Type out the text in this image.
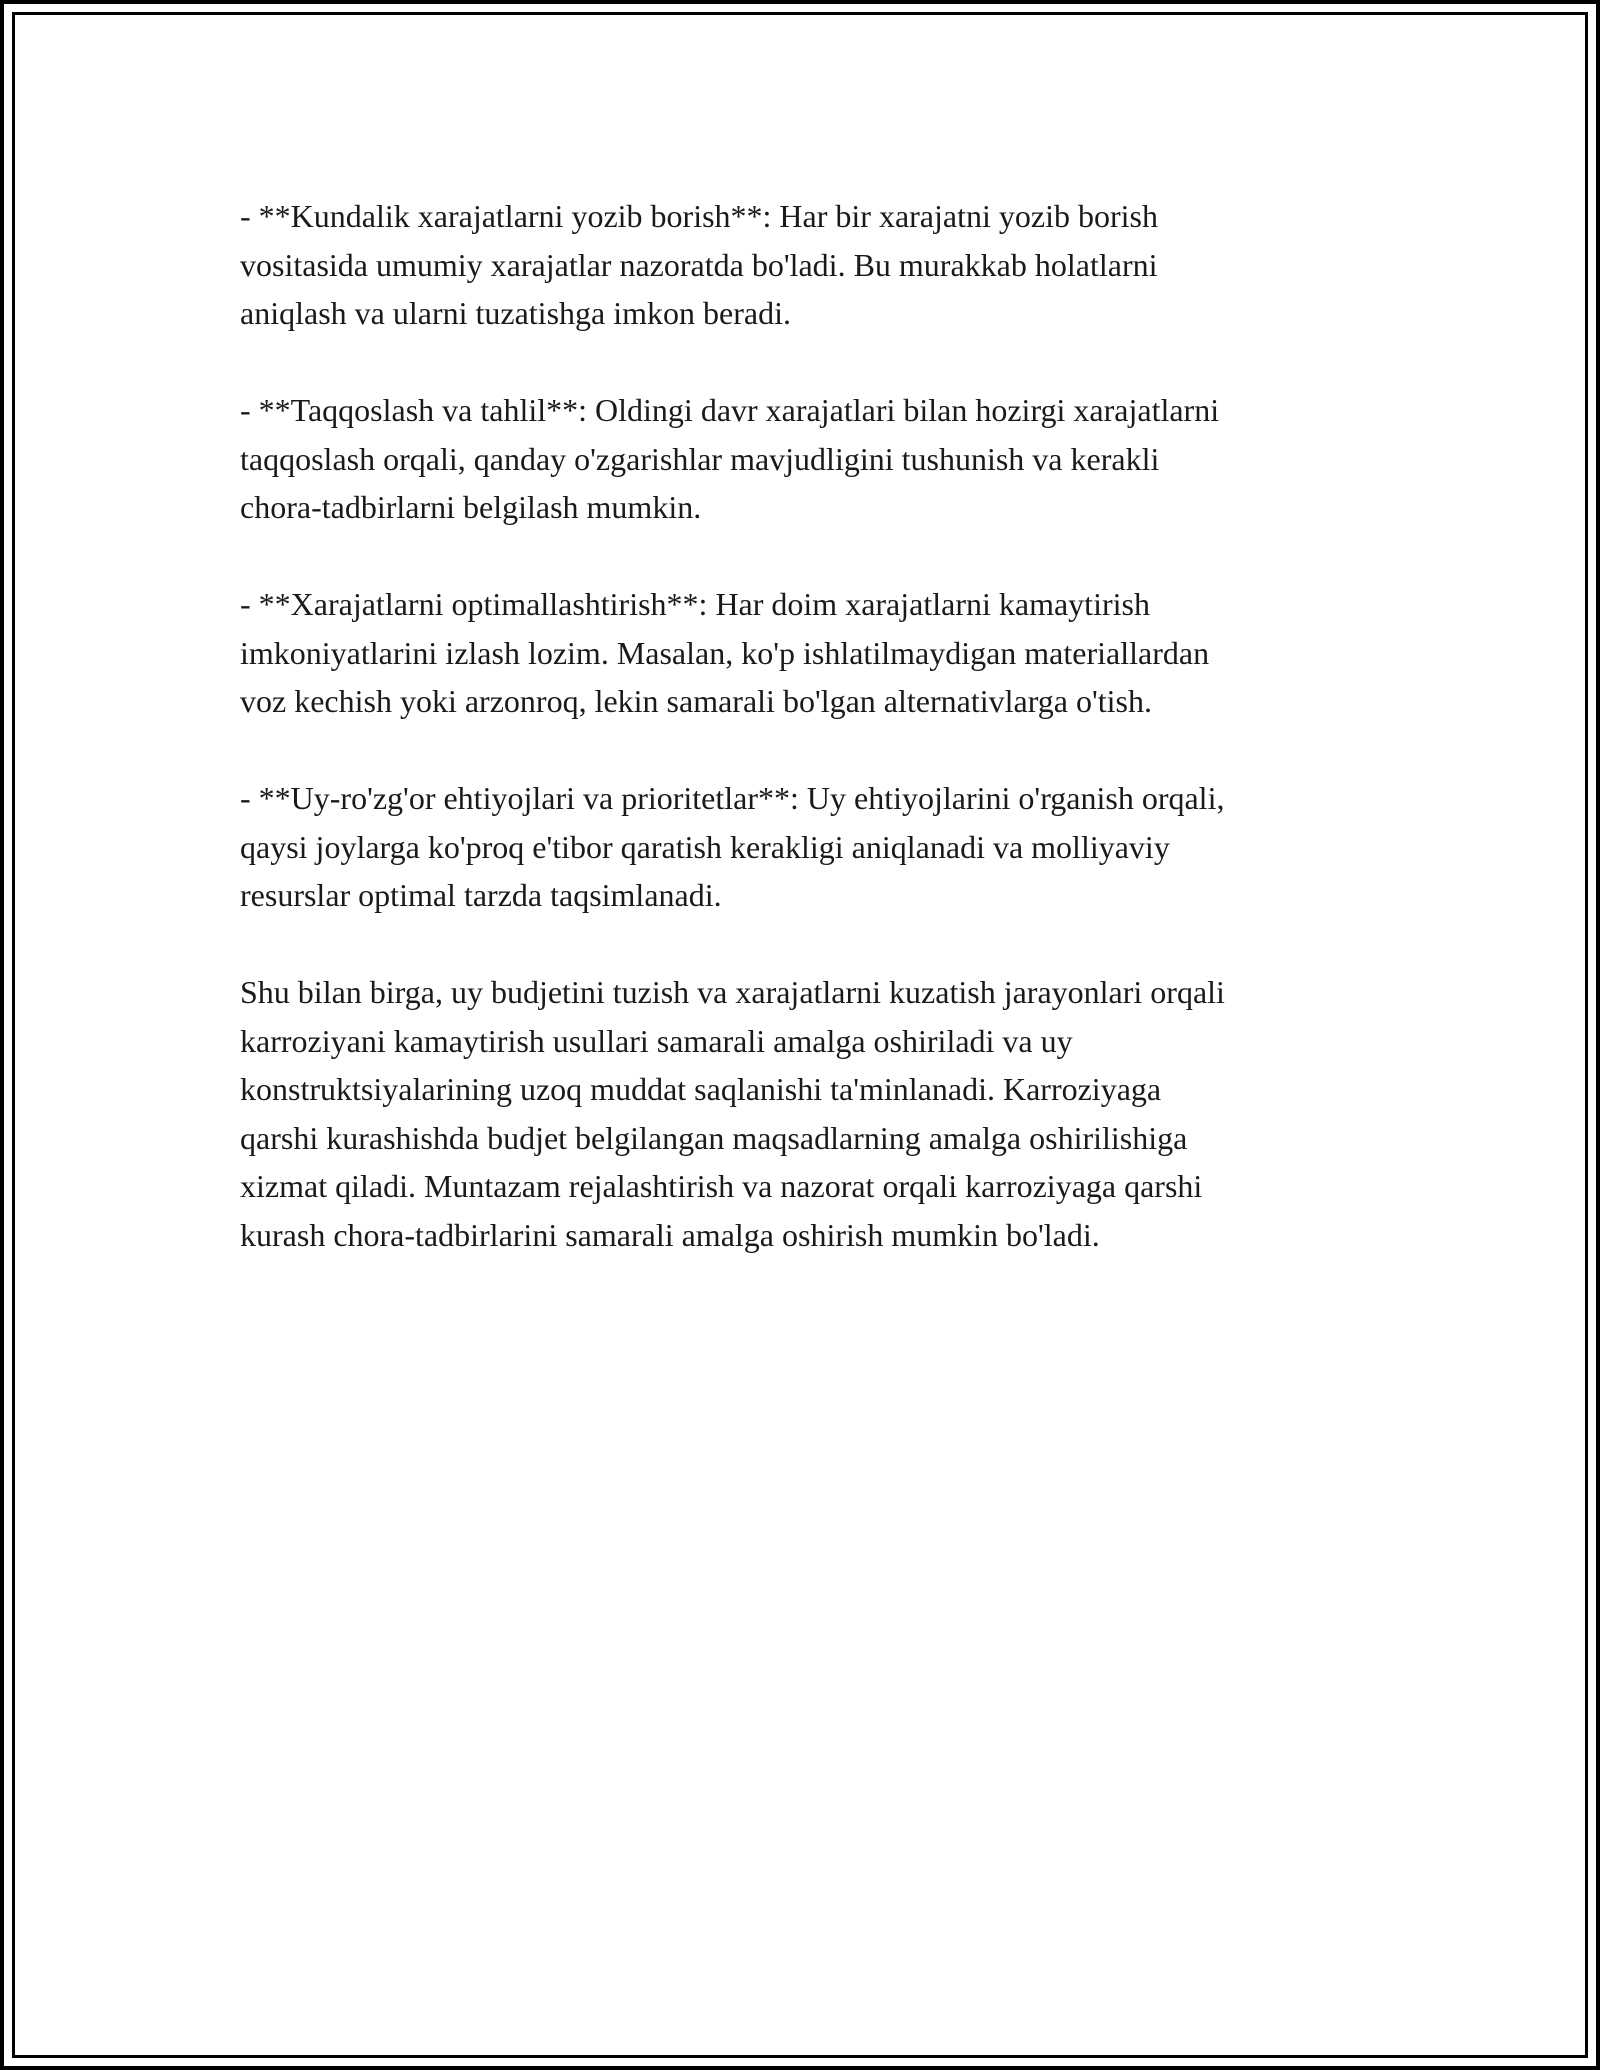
- **Kundalik xarajatlarni yozib borish**: Har bir xarajatni yozib borish
vositasida umumiy xarajatlar nazoratda bo'ladi. Bu murakkab holatlarni
aniqlash va ularni tuzatishga imkon beradi.

- **Taqqoslash va tahlil**: Oldingi davr xarajatlari bilan hozirgi xarajatlarni
taqqoslash orqali, qanday o'zgarishlar mavjudligini tushunish va kerakli
chora-tadbirlarni belgilash mumkin.

- **Xarajatlarni optimallashtirish**: Har doim xarajatlarni kamaytirish
imkoniyatlarini izlash lozim. Masalan, ko'p ishlatilmaydigan materiallardan
voz kechish yoki arzonroq, lekin samarali bo'lgan alternativlarga o'tish.

- **Uy-ro'zg'or ehtiyojlari va prioritetlar**: Uy ehtiyojlarini o'rganish orqali,
qaysi joylarga ko'proq e'tibor qaratish kerakligi aniqlanadi va molliyaviy
resurslar optimal tarzda taqsimlanadi.

Shu bilan birga, uy budjetini tuzish va xarajatlarni kuzatish jarayonlari orqali
karroziyani kamaytirish usullari samarali amalga oshiriladi va uy
konstruktsiyalarining uzoq muddat saqlanishi ta'minlanadi. Karroziyaga
qarshi kurashishda budjet belgilangan maqsadlarning amalga oshirilishiga
xizmat qiladi. Muntazam rejalashtirish va nazorat orqali karroziyaga qarshi
kurash chora-tadbirlarini samarali amalga oshirish mumkin bo'ladi.
